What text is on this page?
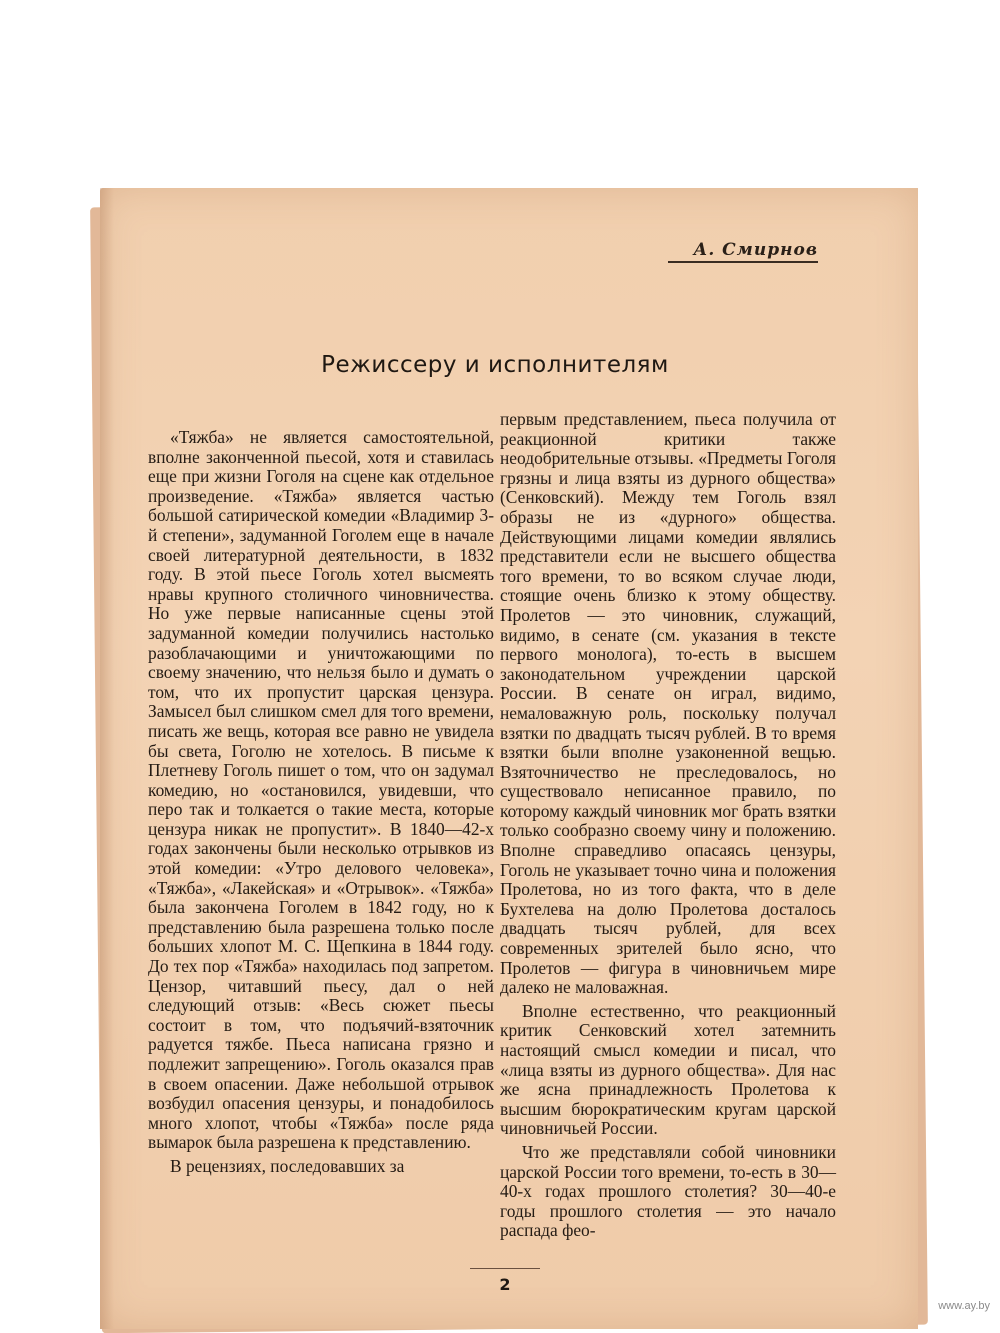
А. Смирнов
Режиссеру и исполнителям

«Тяжба» не является самостоятельной, вполне законченной пьесой, хотя и ставилась еще при жизни Гоголя на сцене как отдельное произведение. «Тяжба» является частью большой сатирической комедии «Владимир 3-й степени», задуманной Гоголем еще в начале своей литературной деятельности, в 1832 году. В этой пьесе Гоголь хотел высмеять нравы крупного столичного чиновничества. Но уже первые написанные сцены этой задуманной комедии получились настолько разоблачающими и уничтожающими по своему значению, что нельзя было и думать о том, что их пропустит царская цензура. Замысел был слишком смел для того времени, писать же вещь, которая все равно не увидела бы света, Гоголю не хотелось. В письме к Плетневу Гоголь пишет о том, что он задумал комедию, но «остановился, увидевши, что перо так и толкается о такие места, которые цензура никак не пропустит». В 1840—42-х годах закончены были несколько отрывков из этой комедии: «Утро делового человека», «Тяжба», «Лакейская» и «Отрывок». «Тяжба» была закончена Гоголем в 1842 году, но к представлению была разрешена только после больших хлопот М. С. Щепкина в 1844 году. До тех пор «Тяжба» находилась под запретом. Цензор, читавший пьесу, дал о ней следующий отзыв: «Весь сюжет пьесы состоит в том, что подъячий-взяточник радуется тяжбе. Пьеса написана грязно и подлежит запрещению». Гоголь оказался прав в своем опасении. Даже небольшой отрывок возбудил опасения цензуры, и понадобилось много хлопот, чтобы «Тяжба» после ряда вымарок была разрешена к представлению.

В рецензиях, последовавших за

первым представлением, пьеса получила от реакционной критики также неодобрительные отзывы. «Предметы Гоголя грязны и лица взяты из дурного общества» (Сенковский). Между тем Гоголь взял образы не из «дурного» общества. Действующими лицами комедии являлись представители если не высшего общества того времени, то во всяком случае люди, стоящие очень близко к этому обществу. Пролетов — это чиновник, служащий, видимо, в сенате (см. указания в тексте первого монолога), то-есть в высшем законодательном учреждении царской России. В сенате он играл, видимо, немаловажную роль, поскольку получал взятки по двадцать тысяч рублей. В то время взятки были вполне узаконенной вещью. Взяточничество не преследовалось, но существовало неписанное правило, по которому каждый чиновник мог брать взятки только сообразно своему чину и положению. Вполне справедливо опасаясь цензуры, Гоголь не указывает точно чина и положения Пролетова, но из того факта, что в деле Бухтелева на долю Пролетова досталось двадцать тысяч рублей, для всех современных зрителей было ясно, что Пролетов — фигура в чиновничьем мире далеко не маловажная.

Вполне естественно, что реакционный критик Сенковский хотел затемнить настоящий смысл комедии и писал, что «лица взяты из дурного общества». Для нас же ясна принадлежность Пролетова к высшим бюрократическим кругам царской чиновничьей России.

Что же представляли собой чиновники царской России того времени, то-есть в 30—40-х годах прошлого столетия? 30—40-е годы прошлого столетия — это начало распада фео-

2
www.ay.by
